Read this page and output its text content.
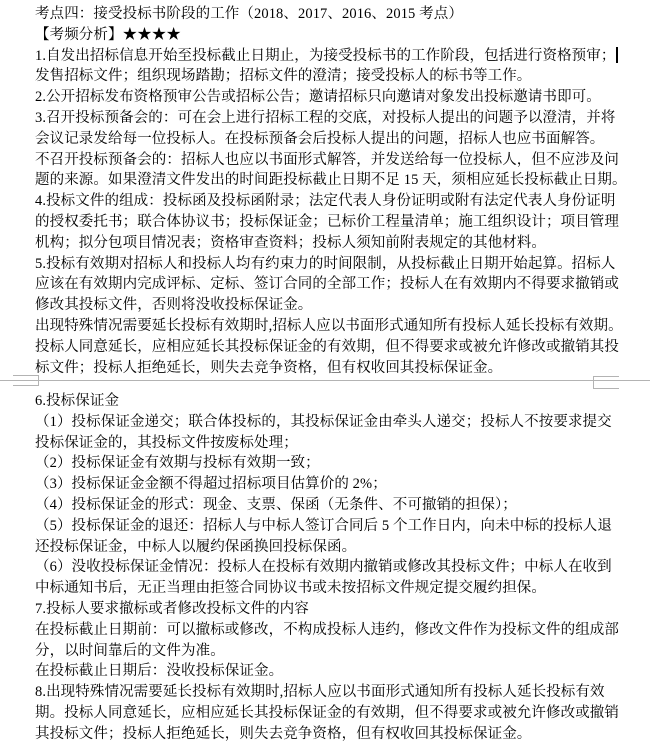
考点四：接受投标书阶段的工作（2018、2017、2016、2015 考点）
【考频分析】★★★★
1.自发出招标信息开始至投标截止日期止，为接受投标书的工作阶段，包括进行资格预审；
发售招标文件；组织现场踏勘；招标文件的澄清；接受投标人的标书等工作。
2.公开招标发布资格预审公告或招标公告；邀请招标只向邀请对象发出投标邀请书即可。
3.召开投标预备会的：可在会上进行招标工程的交底，对投标人提出的问题予以澄清，并将
会议记录发给每一位投标人。在投标预备会后投标人提出的问题，招标人也应书面解答。
不召开投标预备会的：招标人也应以书面形式解答，并发送给每一位投标人，但不应涉及问
题的来源。如果澄清文件发出的时间距投标截止日期不足 15 天，须相应延长投标截止日期。
4.投标文件的组成：投标函及投标函附录；法定代表人身份证明或附有法定代表人身份证明
的授权委托书；联合体协议书；投标保证金；已标价工程量清单；施工组织设计；项目管理
机构；拟分包项目情况表；资格审查资料；投标人须知前附表规定的其他材料。
5.投标有效期对招标人和投标人均有约束力的时间限制，从投标截止日期开始起算。招标人
应该在有效期内完成评标、定标、签订合同的全部工作；投标人在有效期内不得要求撤销或
修改其投标文件，否则将没收投标保证金。
出现特殊情况需要延长投标有效期时,招标人应以书面形式通知所有投标人延长投标有效期。
投标人同意延长，应相应延长其投标保证金的有效期，但不得要求或被允许修改或撤销其投
标文件；投标人拒绝延长，则失去竞争资格，但有权收回其投标保证金。
6.投标保证金
（1）投标保证金递交；联合体投标的，其投标保证金由牵头人递交；投标人不按要求提交
投标保证金的，其投标文件按废标处理；
（2）投标保证金有效期与投标有效期一致；
（3）投标保证金金额不得超过招标项目估算价的 2%；
（4）投标保证金的形式：现金、支票、保函（无条件、不可撤销的担保）；
（5）投标保证金的退还：招标人与中标人签订合同后 5 个工作日内，向未中标的投标人退
还投标保证金，中标人以履约保函换回投标保函。
（6）没收投标保证金情况：投标人在投标有效期内撤销或修改其投标文件；中标人在收到
中标通知书后，无正当理由拒签合同协议书或未按招标文件规定提交履约担保。
7.投标人要求撤标或者修改投标文件的内容
在投标截止日期前：可以撤标或修改，不构成投标人违约，修改文件作为投标文件的组成部
分，以时间靠后的文件为准。
在投标截止日期后：没收投标保证金。
8.出现特殊情况需要延长投标有效期时,招标人应以书面形式通知所有投标人延长投标有效
期。投标人同意延长，应相应延长其投标保证金的有效期，但不得要求或被允许修改或撤销
其投标文件；投标人拒绝延长，则失去竞争资格，但有权收回其投标保证金。
